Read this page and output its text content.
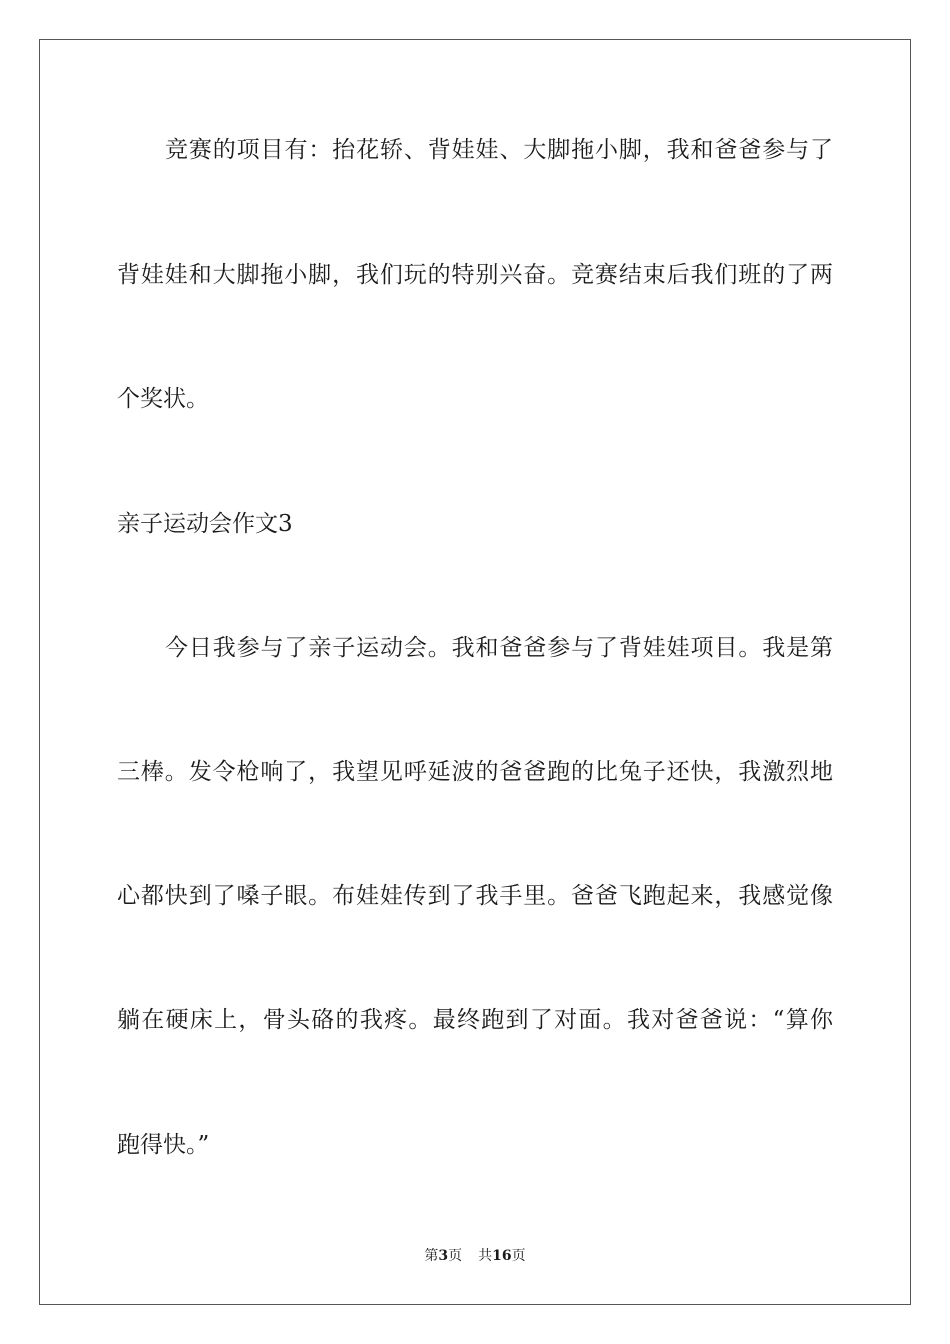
竞赛的项目有：抬花轿、背娃娃、大脚拖小脚，我和爸爸参与了
背娃娃和大脚拖小脚，我们玩的特别兴奋。竞赛结束后我们班的了两
个奖状。
亲子运动会作文3
今日我参与了亲子运动会。我和爸爸参与了背娃娃项目。我是第
三棒。发令枪响了，我望见呼延波的爸爸跑的比兔子还快，我激烈地
心都快到了嗓子眼。布娃娃传到了我手里。爸爸飞跑起来，我感觉像
躺在硬床上，骨头硌的我疼。最终跑到了对面。我对爸爸说：“算你
跑得快。”
第3页 共16页
